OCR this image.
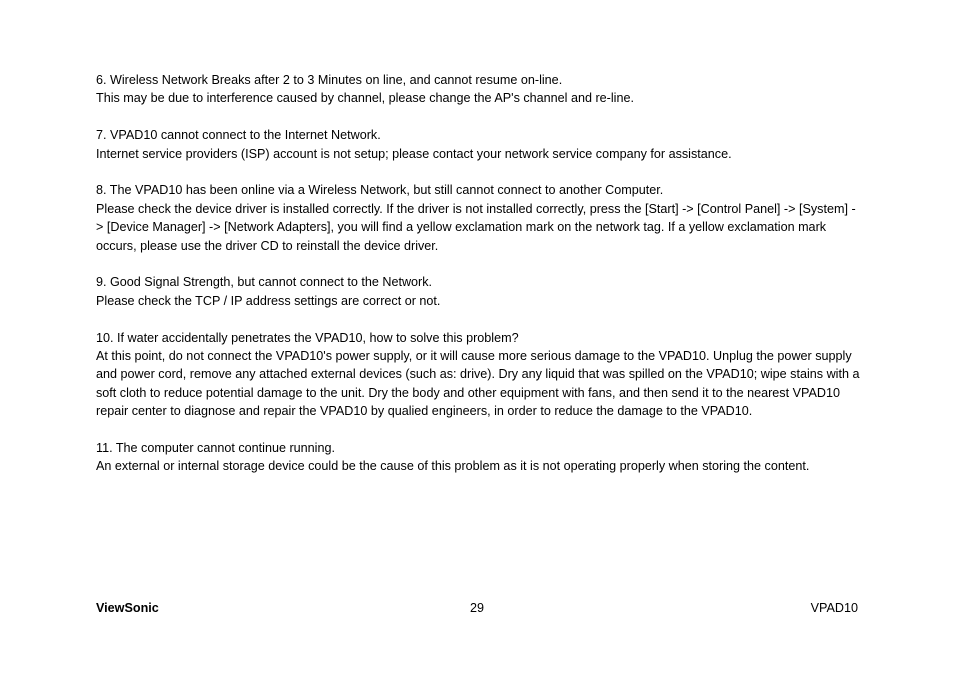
6. Wireless Network Breaks after 2 to 3 Minutes on line, and cannot resume on-line.

This may be due to interference caused by channel, please change the AP's channel and re-line.

7. VPAD10 cannot connect to the Internet Network.

Internet service providers (ISP) account is not setup; please contact your network service company for assistance.

8. The VPAD10 has been online via a Wireless Network, but still cannot connect to another Computer.

Please check the device driver is installed correctly. If the driver is not installed correctly, press the [Start] -> [Control Panel] -> [System] -> [Device Manager] -> [Network Adapters], you will find a yellow exclamation mark on the network tag. If a yellow exclamation mark occurs, please use the driver CD to reinstall the device driver.

9. Good Signal Strength, but cannot connect to the Network.

Please check the TCP / IP address settings are correct or not.

10. If water accidentally penetrates the VPAD10, how to solve this problem?

At this point, do not connect the VPAD10's power supply, or it will cause more serious damage to the VPAD10. Unplug the power supply and power cord, remove any attached external devices (such as: drive). Dry any liquid that was spilled on the VPAD10; wipe stains with a soft cloth to reduce potential damage to the unit. Dry the body and other equipment with fans, and then send it to the nearest VPAD10 repair center to diagnose and repair the VPAD10 by qualied engineers, in order to reduce the damage to the VPAD10.

11. The computer cannot continue running.

An external or internal storage device could be the cause of this problem as it is not operating properly when storing the content.

ViewSonic	29	VPAD10
